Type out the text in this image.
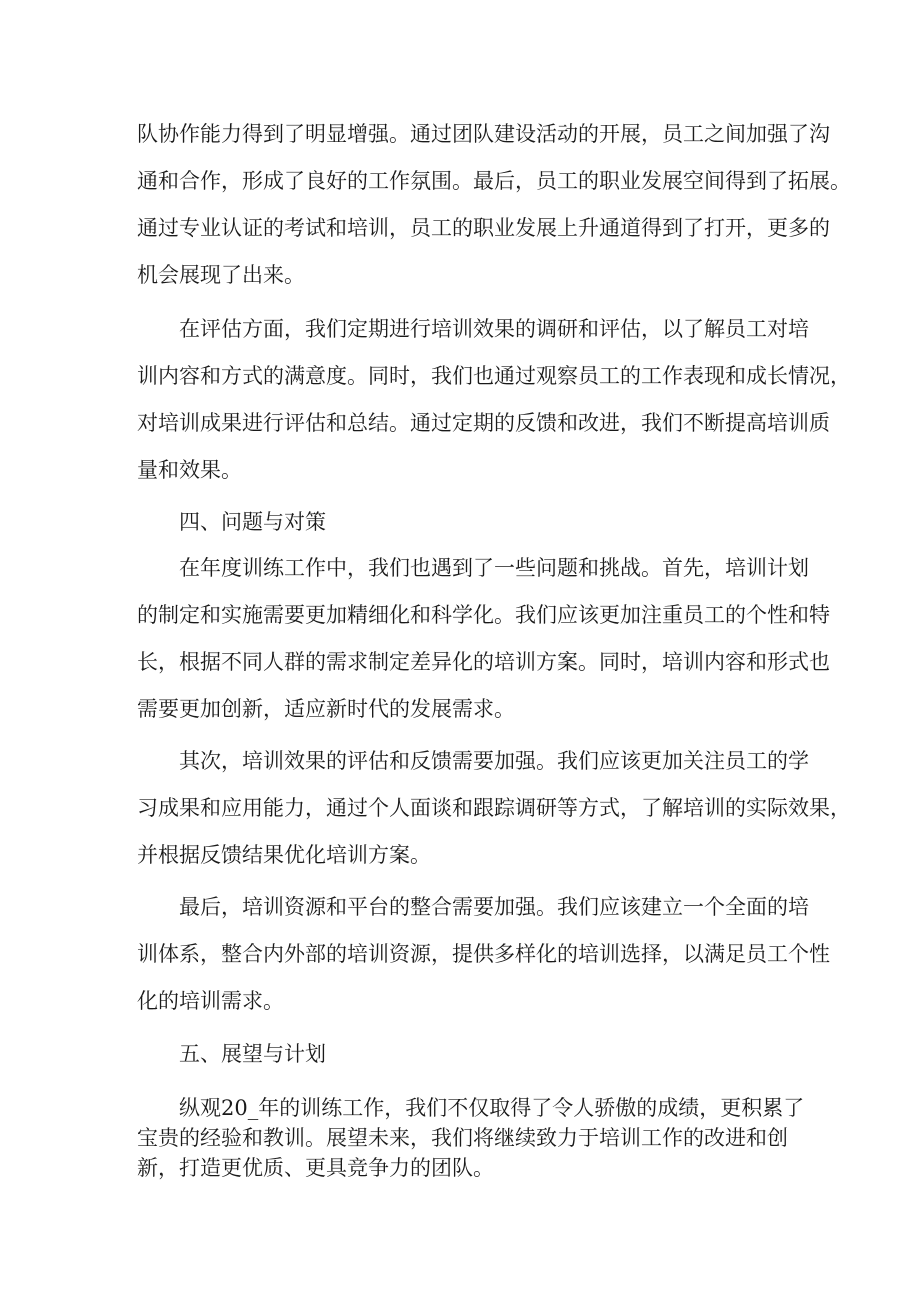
队协作能力得到了明显增强。通过团队建设活动的开展，员工之间加强了沟
通和合作，形成了良好的工作氛围。最后，员工的职业发展空间得到了拓展。
通过专业认证的考试和培训，员工的职业发展上升通道得到了打开，更多的
机会展现了出来。
在评估方面，我们定期进行培训效果的调研和评估，以了解员工对培
训内容和方式的满意度。同时，我们也通过观察员工的工作表现和成长情况，
对培训成果进行评估和总结。通过定期的反馈和改进，我们不断提高培训质
量和效果。
四、问题与对策
在年度训练工作中，我们也遇到了一些问题和挑战。首先，培训计划
的制定和实施需要更加精细化和科学化。我们应该更加注重员工的个性和特
长，根据不同人群的需求制定差异化的培训方案。同时，培训内容和形式也
需要更加创新，适应新时代的发展需求。
其次，培训效果的评估和反馈需要加强。我们应该更加关注员工的学
习成果和应用能力，通过个人面谈和跟踪调研等方式，了解培训的实际效果，
并根据反馈结果优化培训方案。
最后，培训资源和平台的整合需要加强。我们应该建立一个全面的培
训体系，整合内外部的培训资源，提供多样化的培训选择，以满足员工个性
化的培训需求。
五、展望与计划
纵观20_年的训练工作，我们不仅取得了令人骄傲的成绩，更积累了
宝贵的经验和教训。展望未来，我们将继续致力于培训工作的改进和创
新，打造更优质、更具竞争力的团队。
